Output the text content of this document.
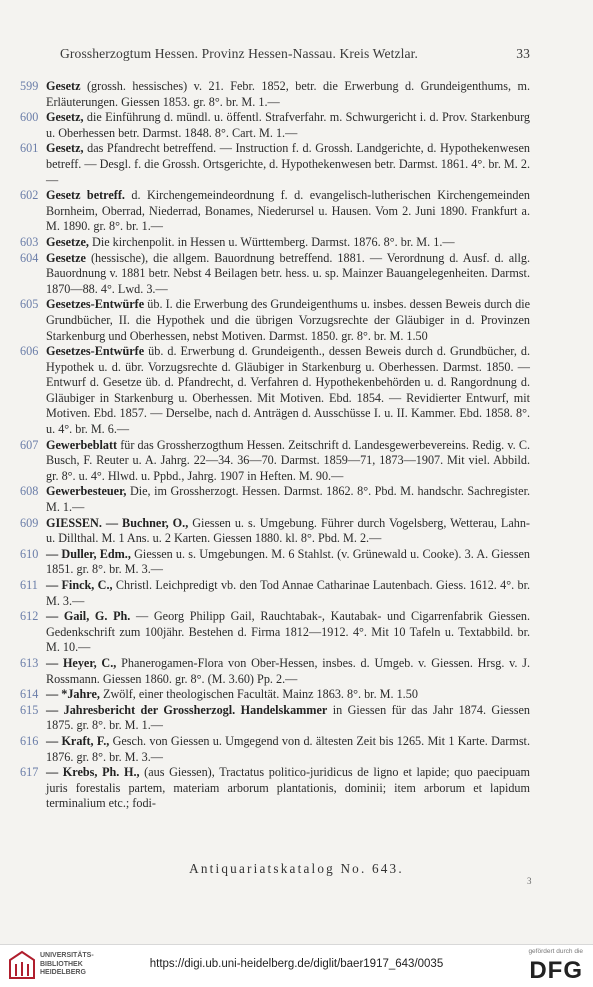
Grossherzogtum Hessen. Provinz Hessen-Nassau. Kreis Wetzlar.	33

599 Gesetz (grossh. hessisches) v. 21. Febr. 1852, betr. die Erwerbung d. Grundeigenthums, m. Erläuterungen. Giessen 1853. gr. 8°. br. M. 1.—

600 Gesetz, die Einführung d. mündl. u. öffentl. Strafverfahr. m. Schwurgericht i. d. Prov. Starkenburg u. Oberhessen betr. Darmst. 1848. 8°. Cart. M. 1.—

601 Gesetz, das Pfandrecht betreffend. — Instruction f. d. Grossh. Landgerichte, d. Hypothekenwesen betreff. — Desgl. f. die Grossh. Ortsgerichte, d. Hypothekenwesen betr. Darmst. 1861. 4°. br. M. 2.—

602 Gesetz betreff. d. Kirchengemeindeordnung f. d. evangelisch-lutherischen Kirchengemeinden Bornheim, Oberrad, Niederrad, Bonames, Niederursel u. Hausen. Vom 2. Juni 1890. Frankfurt a. M. 1890. gr. 8°. br. 1.—

603 Gesetze, Die kirchenpolit. in Hessen u. Württemberg. Darmst. 1876. 8°. br. M. 1.—

604 Gesetze (hessische), die allgem. Bauordnung betreffend. 1881. — Verordnung d. Ausf. d. allg. Bauordnung v. 1881 betr. Nebst 4 Beilagen betr. hess. u. sp. Mainzer Bauangelegenheiten. Darmst. 1870—88. 4°. Lwd. 3.—

605 Gesetzes-Entwürfe üb. I. die Erwerbung des Grundeigenthums u. insbes. dessen Beweis durch die Grundbücher, II. die Hypothek und die übrigen Vorzugsrechte der Gläubiger in d. Provinzen Starkenburg und Oberhessen, nebst Motiven. Darmst. 1850. gr. 8°. br. M. 1.50

606 Gesetzes-Entwürfe üb. d. Erwerbung d. Grundeigenth., dessen Beweis durch d. Grundbücher, d. Hypothek u. d. übr. Vorzugsrechte d. Gläubiger in Starkenburg u. Oberhessen. Darmst. 1850. — Entwurf d. Gesetze üb. d. Pfandrecht, d. Verfahren d. Hypothekenbehörden u. d. Rangordnung d. Gläubiger in Starkenburg u. Oberhessen. Mit Motiven. Ebd. 1854. — Revidierter Entwurf, mit Motiven. Ebd. 1857. — Derselbe, nach d. Anträgen d. Ausschüsse I. u. II. Kammer. Ebd. 1858. 8°. u. 4°. br. M. 6.—

607 Gewerbeblatt für das Grossherzogthum Hessen. Zeitschrift d. Landesgewerbevereins. Redig. v. C. Busch, F. Reuter u. A. Jahrg. 22—34. 36—70. Darmst. 1859—71, 1873—1907. Mit viel. Abbild. gr. 8°. u. 4°. Hlwd. u. Ppbd., Jahrg. 1907 in Heften. M. 90.—

608 Gewerbesteuer, Die, im Grossherzogt. Hessen. Darmst. 1862. 8°. Pbd. M. handschr. Sachregister. M. 1.—

609 GIESSEN. — Buchner, O., Giessen u. s. Umgebung. Führer durch Vogelsberg, Wetterau, Lahn- u. Dillthal. M. 1 Ans. u. 2 Karten. Giessen 1880. kl. 8°. Pbd. M. 2.—

610 — Duller, Edm., Giessen u. s. Umgebungen. M. 6 Stahlst. (v. Grünewald u. Cooke). 3. A. Giessen 1851. gr. 8°. br. M. 3.—

611 — Finck, C., Christl. Leichpredigt vb. den Tod Annae Catharinae Lautenbach. Giess. 1612. 4°. br. M. 3.—

612 — Gail, G. Ph. — Georg Philipp Gail, Rauchtabak-, Kautabak- und Cigarrenfabrik Giessen. Gedenkschrift zum 100jähr. Bestehen d. Firma 1812—1912. 4°. Mit 10 Tafeln u. Textabbild. br. M. 10.—

613 — Heyer, C., Phanerogamen-Flora von Ober-Hessen, insbes. d. Umgeb. v. Giessen. Hrsg. v. J. Rossmann. Giessen 1860. gr. 8°. (M. 3.60) Pp. 2.—

614 — *Jahre, Zwölf, einer theologischen Facultät. Mainz 1863. 8°. br. M. 1.50

615 — Jahresbericht der Grossherzogl. Handelskammer in Giessen für das Jahr 1874. Giessen 1875. gr. 8°. br. M. 1.—

616 — Kraft, F., Gesch. von Giessen u. Umgegend von d. ältesten Zeit bis 1265. Mit 1 Karte. Darmst. 1876. gr. 8°. br. M. 3.—

617 — Krebs, Ph. H., (aus Giessen), Tractatus politico-juridicus de ligno et lapide; quo paecipuam juris forestalis partem, materiam arborum plantationis, dominii; item arborum et lapidum terminalium etc.; fodi-

Antiquariatskatalog No. 643.
3
UNIVERSITÄTS-
BIBLIOTHEK
HEIDELBERG
https://digi.ub.uni-heidelberg.de/diglit/baer1917_643/0035
gefördert durch die
DFG
